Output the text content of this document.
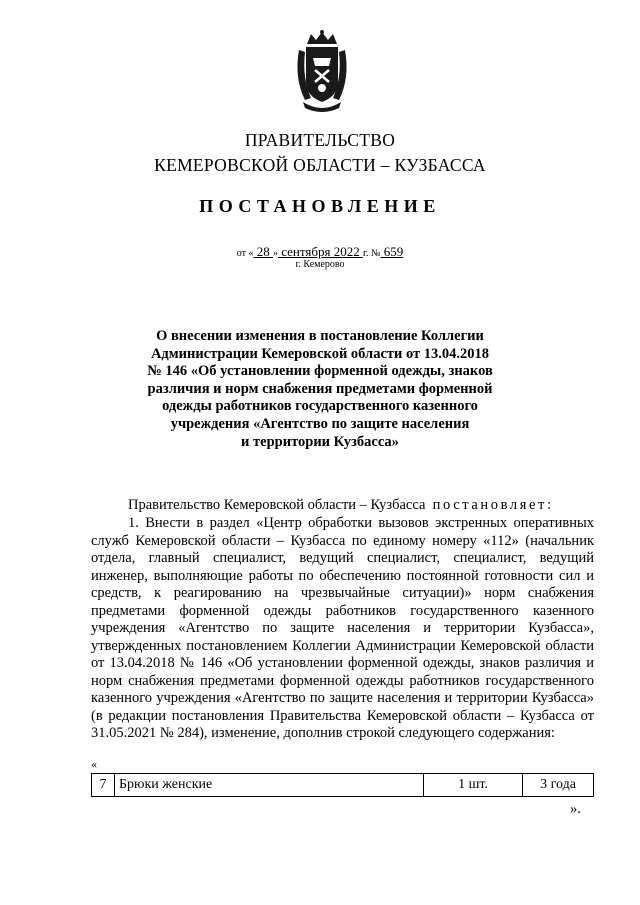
ПРАВИТЕЛЬСТВО
КЕМЕРОВСКОЙ ОБЛАСТИ – КУЗБАССА
ПОСТАНОВЛЕНИЕ
от « 28 » сентября 2022 г. № 659
г. Кемерово
О внесении изменения в постановление Коллегии
Администрации Кемеровской области от 13.04.2018
№ 146 «Об установлении форменной одежды, знаков
различия и норм снабжения предметами форменной
одежды работников государственного казенного
учреждения «Агентство по защите населения
и территории Кузбасса»
Правительство Кемеровской области – Кузбасса постановляет:
1. Внести в раздел «Центр обработки вызовов экстренных оперативных служб Кемеровской области – Кузбасса по единому номеру «112» (начальник отдела, главный специалист, ведущий специалист, специалист, ведущий инженер, выполняющие работы по обеспечению постоянной готовности сил и средств, к реагированию на чрезвычайные ситуации)» норм снабжения предметами форменной одежды работников государственного казенного учреждения «Агентство по защите населения и территории Кузбасса», утвержденных постановлением Коллегии Администрации Кемеровской области от 13.04.2018 № 146 «Об установлении форменной одежды, знаков различия и норм снабжения предметами форменной одежды работников государственного казенного учреждения «Агентство по защите населения и территории Кузбасса» (в редакции постановления Правительства Кемеровской области – Кузбасса от 31.05.2021 № 284), изменение, дополнив строкой следующего содержания:
«
7	Брюки женские	1 шт.	3 года
».
